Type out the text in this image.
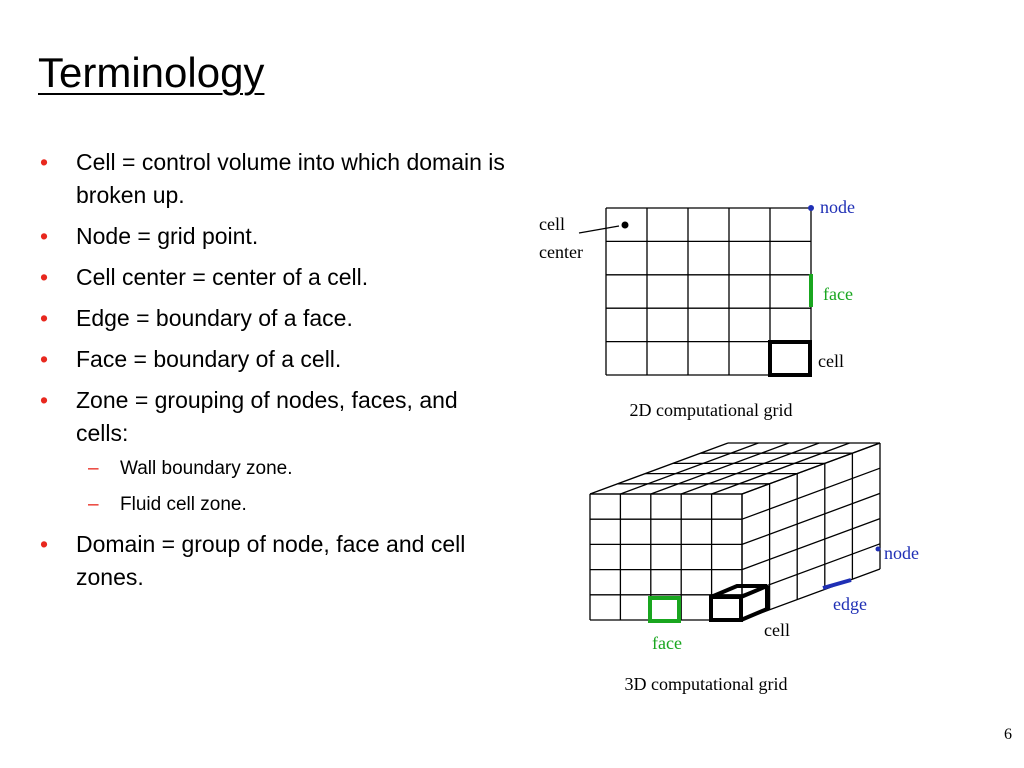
Terminology
• Cell = control volume into which domain is broken up.
• Node = grid point.
• Cell center = center of a cell.
• Edge = boundary of a face.
• Face = boundary of a cell.
• Zone = grouping of nodes, faces, and cells:
– Wall boundary zone.
– Fluid cell zone.
• Domain = group of node, face and cell zones.
cell
center
node
face
cell
2D computational grid
node
edge
face
cell
3D computational grid
6
